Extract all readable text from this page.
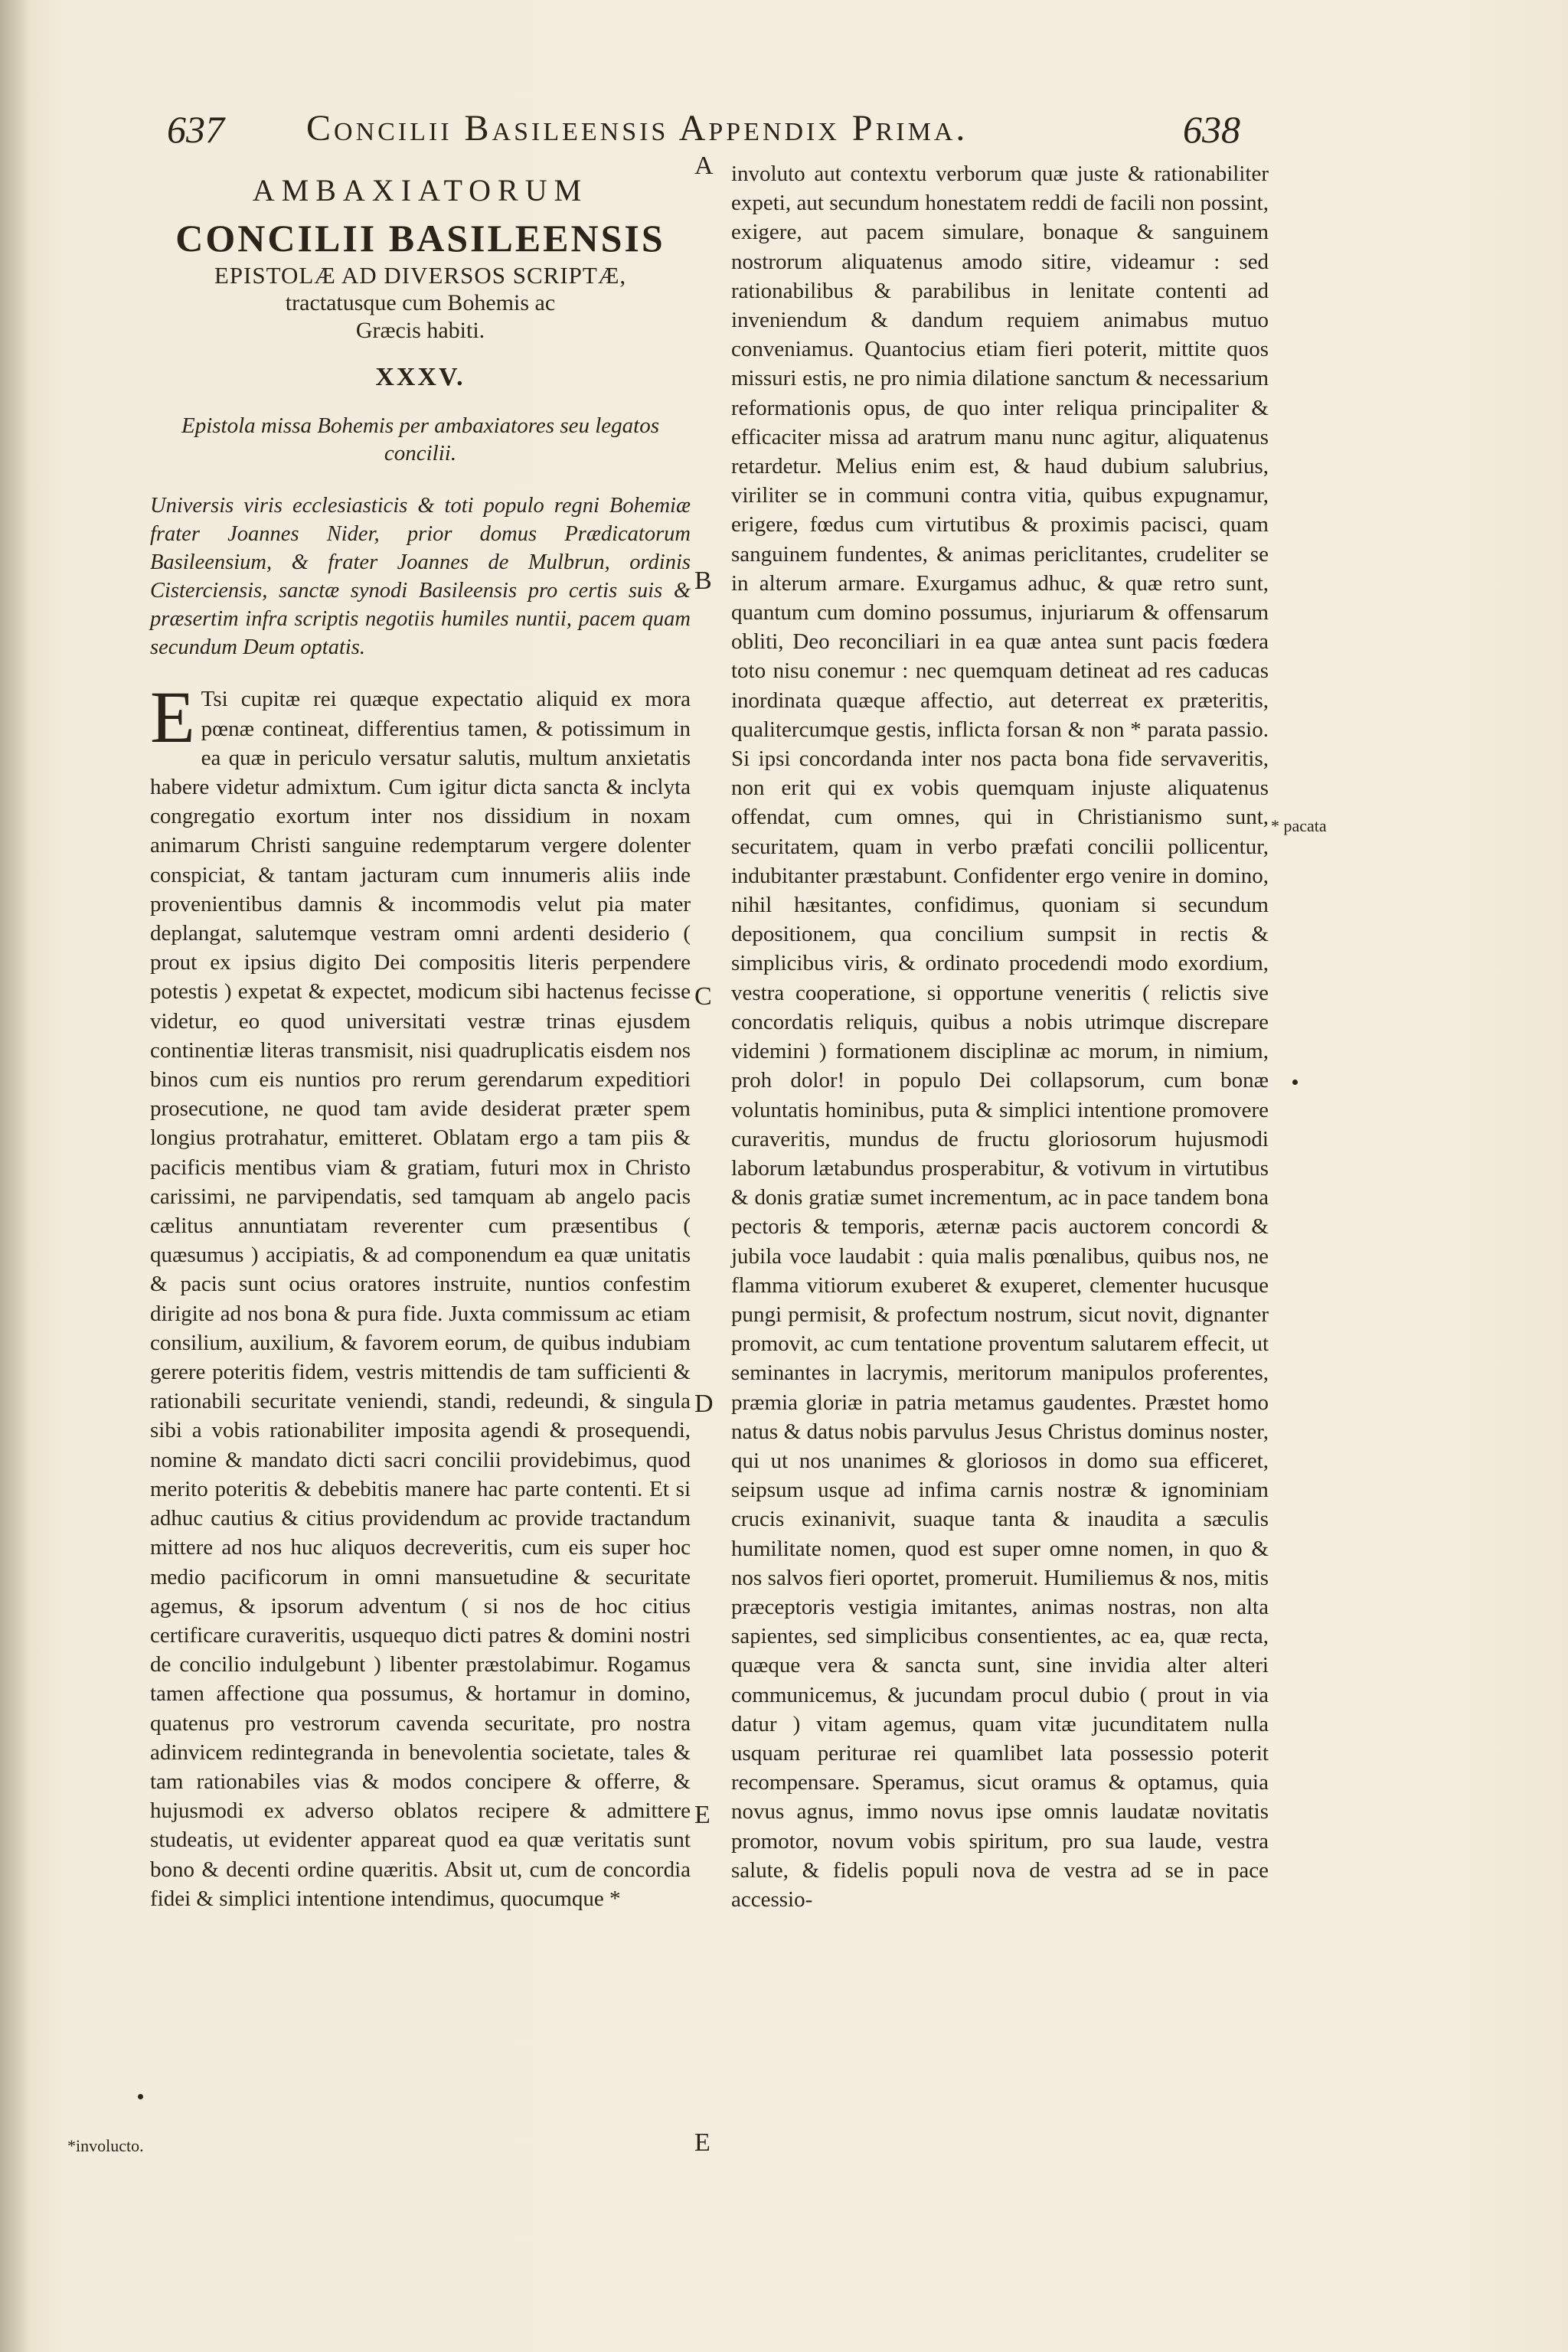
637 Concilii Basileensis Appendix Prima.	638
AMBAXIATORUM
CONCILII BASILEENSIS
EPISTOLÆ AD DIVERSOS SCRIPTÆ,
tractatusque cum Bohemis ac
Græcis habiti.
XXXV.
Epistola missa Bohemis per ambaxiatores seu legatos concilii.
Universis viris ecclesiasticis & toti populo regni Bohemiæ frater Joannes Nider, prior domus Prædicatorum Basileensium, & frater Joannes de Mulbrun, ordinis Cisterciensis, sanctæ synodi Basileensis pro certis suis & præsertim infra scriptis negotiis humiles nuntii, pacem quam secundum Deum optatis.
E Tsi cupitæ rei quæque expectatio aliquid ex mora pœnæ contineat, differentius tamen, & potissimum in ea quæ in periculo versatur salutis, multum anxietatis habere videtur admixtum. Cum igitur dicta sancta & inclyta congregatio exortum inter nos dissidium in noxam animarum Christi sanguine redemptarum vergere dolenter conspiciat, & tantam jacturam cum innumeris aliis inde provenientibus damnis & incommodis velut pia mater deplangat, salutemque vestram omni ardenti desiderio ( prout ex ipsius digito Dei compositis literis perpendere potestis ) expetat & expectet, modicum sibi hactenus fecisse videtur, eo quod universitati vestræ trinas ejusdem continentiæ literas transmisit, nisi quadruplicatis eisdem nos binos cum eis nuntios pro rerum gerendarum expeditiori prosecutione, ne quod tam avide desiderat præter spem longius protrahatur, emitteret. Oblatam ergo a tam piis & pacificis mentibus viam & gratiam, futuri mox in Christo carissimi, ne parvipendatis, sed tamquam ab angelo pacis cælitus annuntiatam reverenter cum præsentibus ( quæsumus ) accipiatis, & ad componendum ea quæ unitatis & pacis sunt ocius oratores instruite, nuntios confestim dirigite ad nos bona & pura fide. Juxta commissum ac etiam consilium, auxilium, & favorem eorum, de quibus indubiam gerere poteritis fidem, vestris mittendis de tam sufficienti & rationabili securitate veniendi, standi, redeundi, & singula sibi a vobis rationabiliter imposita agendi & prosequendi, nomine & mandato dicti sacri concilii providebimus, quod merito poteritis & debebitis manere hac parte contenti. Et si adhuc cautius & citius providendum ac provide tractandum mittere ad nos huc aliquos decreveritis, cum eis super hoc medio pacificorum in omni mansuetudine & securitate agemus, & ipsorum adventum ( si nos de hoc citius certificare curaveritis, usquequo dicti patres & domini nostri de concilio indulgebunt ) libenter præstolabimur. Rogamus tamen affectione qua possumus, & hortamur in domino, quatenus pro vestrorum cavenda securitate, pro nostra adinvicem redintegranda in benevolentia societate, tales & tam rationabiles vias & modos concipere & offerre, & hujusmodi ex adverso oblatos recipere & admittere studeatis, ut evidenter appareat quod ea quæ veritatis sunt bono & decenti ordine quæritis. Absit ut, cum de concordia fidei & simplici intentione intendimus, quocumque *
involuto aut contextu verborum quæ juste & rationabiliter expeti, aut secundum honestatem reddi de facili non possint, exigere, aut pacem simulare, bonaque & sanguinem nostrorum aliquatenus amodo sitire, videamur : sed rationabilibus & parabilibus in lenitate contenti ad inveniendum & dandum requiem animabus mutuo conveniamus. Quantocius etiam fieri poterit, mittite quos missuri estis, ne pro nimia dilatione sanctum & necessarium reformationis opus, de quo inter reliqua principaliter & efficaciter missa ad aratrum manu nunc agitur, aliquatenus retardetur. Melius enim est, & haud dubium salubrius, viriliter se in communi contra vitia, quibus expugnamur, erigere, fœdus cum virtutibus & proximis pacisci, quam sanguinem fundentes, & animas periclitantes, crudeliter se in alterum armare. Exurgamus adhuc, & quæ retro sunt, quantum cum domino possumus, injuriarum & offensarum obliti, Deo reconciliari in ea quæ antea sunt pacis fœdera toto nisu conemur : nec quemquam detineat ad res caducas inordinata quæque affectio, aut deterreat ex præteritis, qualitercumque gestis, inflicta forsan & non * parata passio. Si ipsi concordanda inter nos pacta bona fide servaveritis, non erit qui ex vobis quemquam injuste aliquatenus offendat, cum omnes, qui in Christianismo sunt, securitatem, quam in verbo præfati concilii pollicentur, indubitanter præstabunt. Confidenter ergo venire in domino, nihil hæsitantes, confidimus, quoniam si secundum depositionem, qua concilium sumpsit in rectis & simplicibus viris, & ordinato procedendi modo exordium, vestra cooperatione, si opportune veneritis ( relictis sive concordatis reliquis, quibus a nobis utrimque discrepare videmini ) formationem disciplinæ ac morum, in nimium, proh dolor! in populo Dei collapsorum, cum bonæ voluntatis hominibus, puta & simplici intentione promovere curaveritis, mundus de fructu gloriosorum hujusmodi laborum lætabundus prosperabitur, & votivum in virtutibus & donis gratiæ sumet incrementum, ac in pace tandem bona pectoris & temporis, æternæ pacis auctorem concordi & jubila voce laudabit : quia malis pœnalibus, quibus nos, ne flamma vitiorum exuberet & exuperet, clementer hucusque pungi permisit, & profectum nostrum, sicut novit, dignanter promovit, ac cum tentatione proventum salutarem effecit, ut seminantes in lacrymis, meritorum manipulos proferentes, præmia gloriæ in patria metamus gaudentes. Præstet homo natus & datus nobis parvulus Jesus Christus dominus noster, qui ut nos unanimes & gloriosos in domo sua efficeret, seipsum usque ad infima carnis nostræ & ignominiam crucis exinanivit, suaque tanta & inaudita a sæculis humilitate nomen, quod est super omne nomen, in quo & nos salvos fieri oportet, promeruit. Humiliemus & nos, mitis præceptoris vestigia imitantes, animas nostras, non alta sapientes, sed simplicibus consentientes, ac ea, quæ recta, quæque vera & sancta sunt, sine invidia alter alteri communicemus, & jucundam procul dubio ( prout in via datur ) vitam agemus, quam vitæ jucunditatem nulla usquam periturae rei quamlibet lata possessio poterit recompensare. Speramus, sicut oramus & optamus, quia novus agnus, immo novus ipse omnis laudatæ novitatis promotor, novum vobis spiritum, pro sua laude, vestra salute, & fidelis populi nova de vestra ad se in pace accessio-
A
B
C
D
E
E
* pacata
*involucto.
